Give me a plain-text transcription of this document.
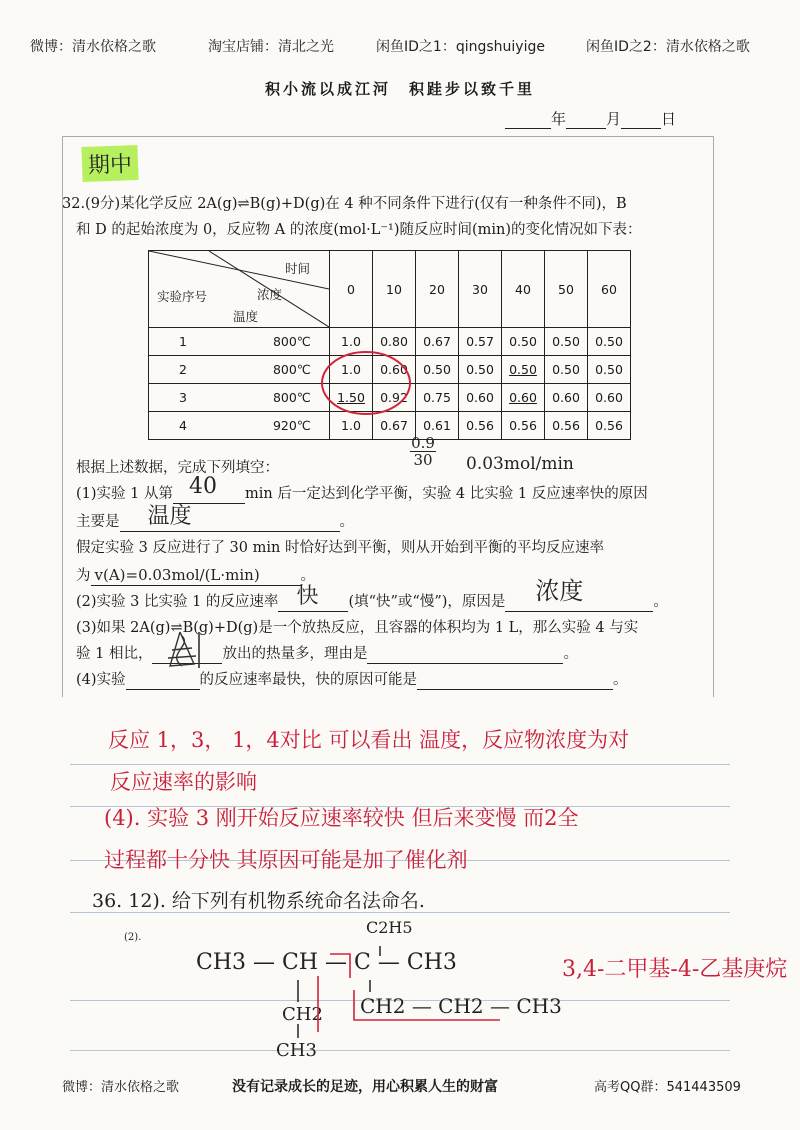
微博：清水依格之歌	淘宝店铺：清北之光	闲鱼ID之1：qingshuiyige	闲鱼ID之2：清水依格之歌
积小流以成江河　积跬步以致千里
年	月	日
期中
32.(9分)某化学反应 2A(g)⇌B(g)+D(g)在 4 种不同条件下进行(仅有一种条件不同)，B
和 D 的起始浓度为 0，反应物 A 的浓度(mol·L⁻¹)随反应时间(min)的变化情况如下表：
时间
浓度
实验序号
温度	0	10	20	30	40	50	60
1 800℃	1.0	0.80	0.67	0.57	0.50	0.50	0.50
2 800℃	1.0	0.60	0.50	0.50	0.50	0.50	0.50
3 800℃	1.50	0.92	0.75	0.60	0.60	0.60	0.60
4 920℃	1.0	0.67	0.61	0.56	0.56	0.56	0.56
0.9
30 0.03mol/min
根据上述数据，完成下列填空：
(1)实验 1 从第 40 min 后一定达到化学平衡，实验 4 比实验 1 反应速率快的原因
主要是 温度	。
假定实验 3 反应进行了 30 min 时恰好达到平衡，则从开始到平衡的平均反应速率
为 v(A)=0.03mol/(L·min)	。
(2)实验 3 比实验 1 的反应速率 快 (填“快”或“慢”)，原因是 浓度	。
(3)如果 2A(g)⇌B(g)+D(g)是一个放热反应，且容器的体积均为 1 L，那么实验 4 与实
验 1 相比，	放出的热量多，理由是	。
(4)实验	的反应速率最快，快的原因可能是	。
反应 1，3， 1，4对比 可以看出 温度，反应物浓度为对
反应速率的影响
(4). 实验 3 刚开始反应速率较快 但后来变慢 而2全
过程都十分快 其原因可能是加了催化剂
36. 12). 给下列有机物系统命名法命名.
(2).
C2H5
CH3 — CH — C — CH3
CH2
CH3
CH2 — CH2 — CH3
3,4-二甲基-4-乙基庚烷
微博：清水依格之歌	没有记录成长的足迹，用心积累人生的财富	高考QQ群：541443509
